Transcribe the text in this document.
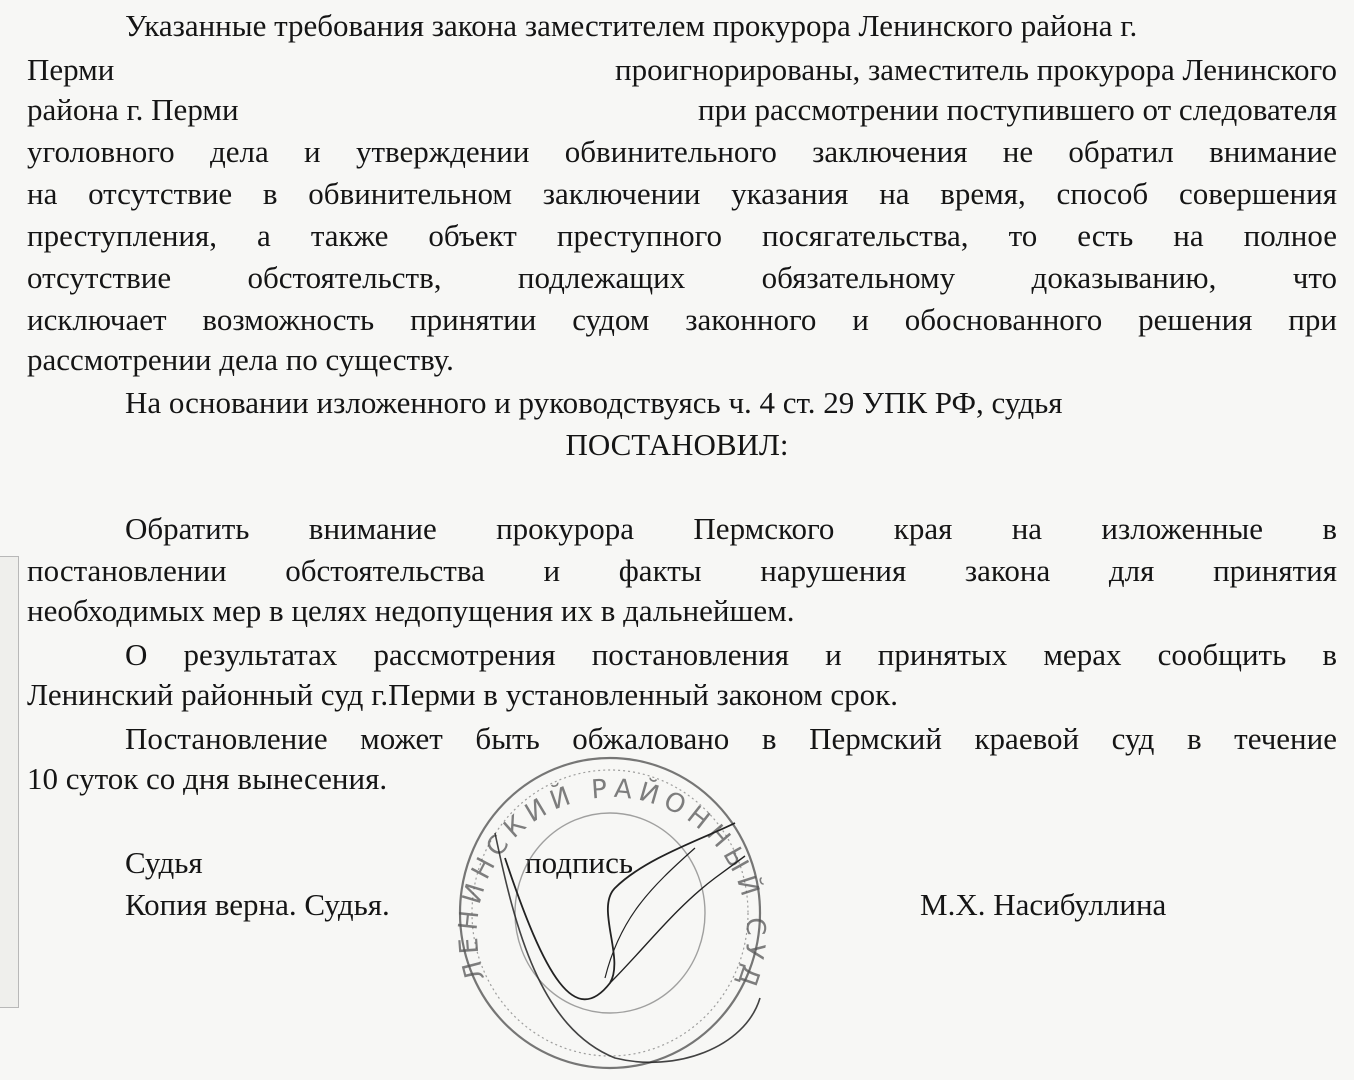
Указанные требования закона заместителем прокурора Ленинского района г.
Перми	проигнорированы, заместитель прокурора Ленинского
района г. Перми	при рассмотрении поступившего от следователя
уголовного дела и утверждении обвинительного заключения не обратил внимание
на отсутствие в обвинительном заключении указания на время, способ совершения
преступления, а также объект преступного посягательства, то есть на полное
отсутствие обстоятельств, подлежащих обязательному доказыванию, что
исключает возможность принятии судом законного и обоснованного решения при
рассмотрении дела по существу.
На основании изложенного и руководствуясь ч. 4 ст. 29 УПК РФ, судья
ПОСТАНОВИЛ:
Обратить внимание прокурора Пермского края на изложенные в
постановлении обстоятельства и факты нарушения закона для принятия
необходимых мер в целях недопущения их в дальнейшем.
О результатах рассмотрения постановления и принятых мерах сообщить в
Ленинский районный суд г.Перми в установленный законом срок.
Постановление может быть обжаловано в Пермский краевой суд в течение
10 суток со дня вынесения.
Судья	подпись
Копия верна. Судья.	М.Х. Насибуллина
ЛЕНИНСКИЙ РАЙОННЫЙ СУД
